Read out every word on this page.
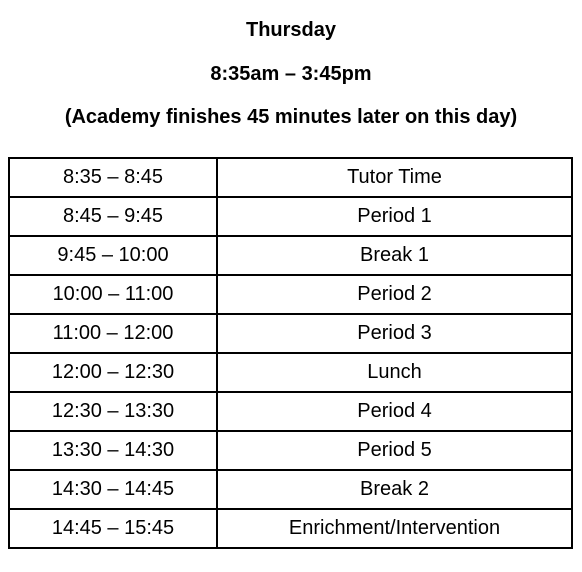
Thursday
8:35am – 3:45pm
(Academy finishes 45 minutes later on this day)
8:35 – 8:45	Tutor Time
8:45 – 9:45	Period 1
9:45 – 10:00	Break 1
10:00 – 11:00	Period 2
11:00 – 12:00	Period 3
12:00 – 12:30	Lunch
12:30 – 13:30	Period 4
13:30 – 14:30	Period 5
14:30 – 14:45	Break 2
14:45 – 15:45	Enrichment/Intervention
